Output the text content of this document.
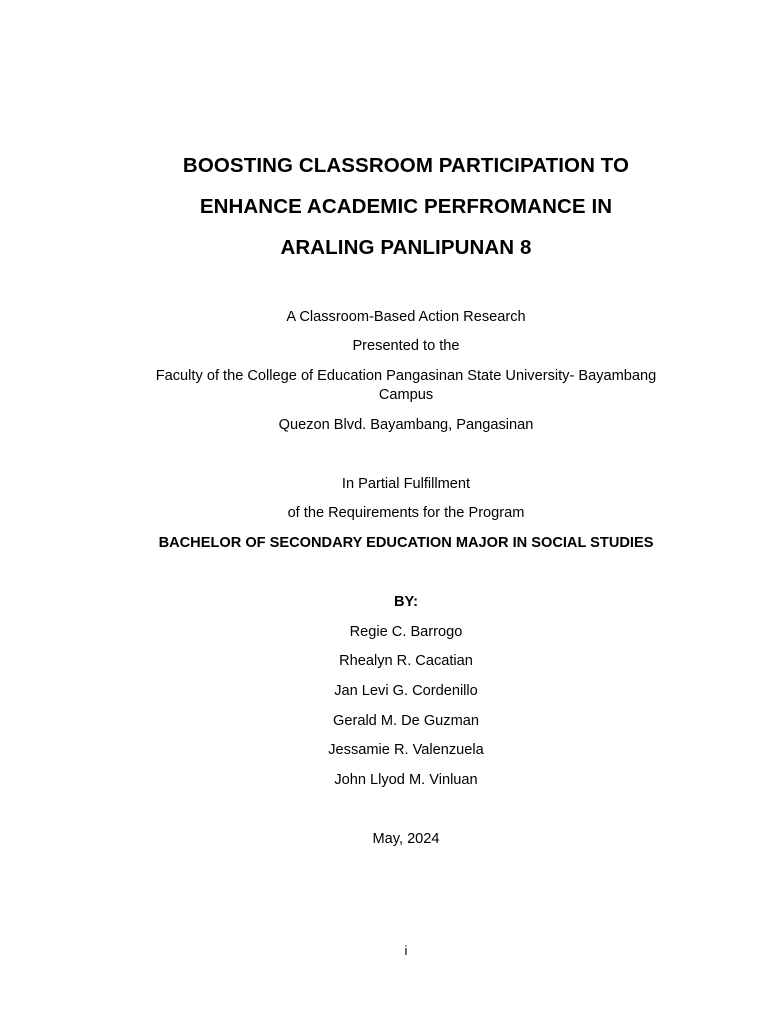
BOOSTING CLASSROOM PARTICIPATION TO
ENHANCE ACADEMIC PERFROMANCE IN
ARALING PANLIPUNAN 8
A Classroom-Based Action Research
Presented to the
Faculty of the College of Education Pangasinan State University- Bayambang
Campus
Quezon Blvd. Bayambang, Pangasinan
In Partial Fulfillment
of the Requirements for the Program
BACHELOR OF SECONDARY EDUCATION MAJOR IN SOCIAL STUDIES
BY:
Regie C. Barrogo
Rhealyn R. Cacatian
Jan Levi G. Cordenillo
Gerald M. De Guzman
Jessamie R. Valenzuela
John Llyod M. Vinluan
May, 2024
i
